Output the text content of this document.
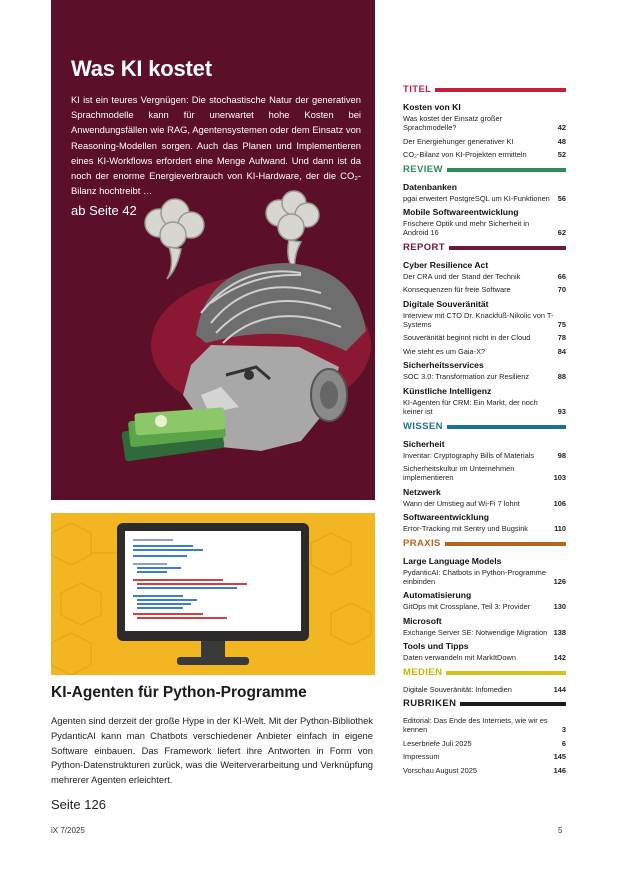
Was KI kostet
KI ist ein teures Vergnügen: Die stochastische Natur der generativen Sprachmodelle kann für unerwartet hohe Kosten bei Anwendungsfällen wie RAG, Agentensystemen oder dem Einsatz von Reasoning-Modellen sorgen. Auch das Planen und Implementieren eines KI-Workflows erfordert eine Menge Aufwand. Und dann ist da noch der enorme Energieverbrauch von KI-Hardware, der die CO₂-Bilanz hochtreibt …
ab Seite 42
KI-Agenten für Python-Programme
Agenten sind derzeit der große Hype in der KI-Welt. Mit der Python-Bibliothek PydanticAI kann man Chatbots verschiedener Anbieter einfach in eigene Software einbauen. Das Framework liefert ihre Antworten in Form von Python-Datenstrukturen zurück, was die Weiterverarbeitung und Verknüpfung mehrerer Agenten erleichtert.
Seite 126
iX 7/2025	5
TITEL
Kosten von KI
Was kostet der Einsatz großer Sprachmodelle?	42
Der Energiehunger generativer KI	48
CO₂-Bilanz von KI-Projekten ermitteln	52
REVIEW
Datenbanken
pgai erweitert PostgreSQL um KI-Funktionen	56
Mobile Softwareentwicklung
Frischere Optik und mehr Sicherheit in Android 16	62
REPORT
Cyber Resilience Act
Der CRA und der Stand der Technik	66
Konsequenzen für freie Software	70
Digitale Souveränität
Interview mit CTO Dr. Knackfuß-Nikolic von T-Systems	75
Souveränität beginnt nicht in der Cloud	78
Wie steht es um Gaia-X?	84
Sicherheitsservices
SOC 3.0: Transformation zur Resilienz	88
Künstliche Intelligenz
KI-Agenten für CRM: Ein Markt, der noch keiner ist	93
WISSEN
Sicherheit
Inventar: Cryptography Bills of Materials	98
Sicherheitskultur im Unternehmen implementieren	103
Netzwerk
Wann der Umstieg auf Wi-Fi 7 lohnt	106
Softwareentwicklung
Error-Tracking mit Sentry und Bugsink	110
PRAXIS
Large Language Models
PydanticAI: Chatbots in Python-Programme einbinden	126
Automatisierung
GitOps mit Crossplane, Teil 3: Provider	130
Microsoft
Exchange Server SE: Notwendige Migration 138
Tools und Tipps
Daten verwandeln mit MarkItDown	142
MEDIEN
Digitale Souveränität: Infomedien	144
RUBRIKEN
Editorial: Das Ende des Internets, wie wir es kennen	3
Leserbriefe Juli 2025	6
Impressum	145
Vorschau August 2025	146
